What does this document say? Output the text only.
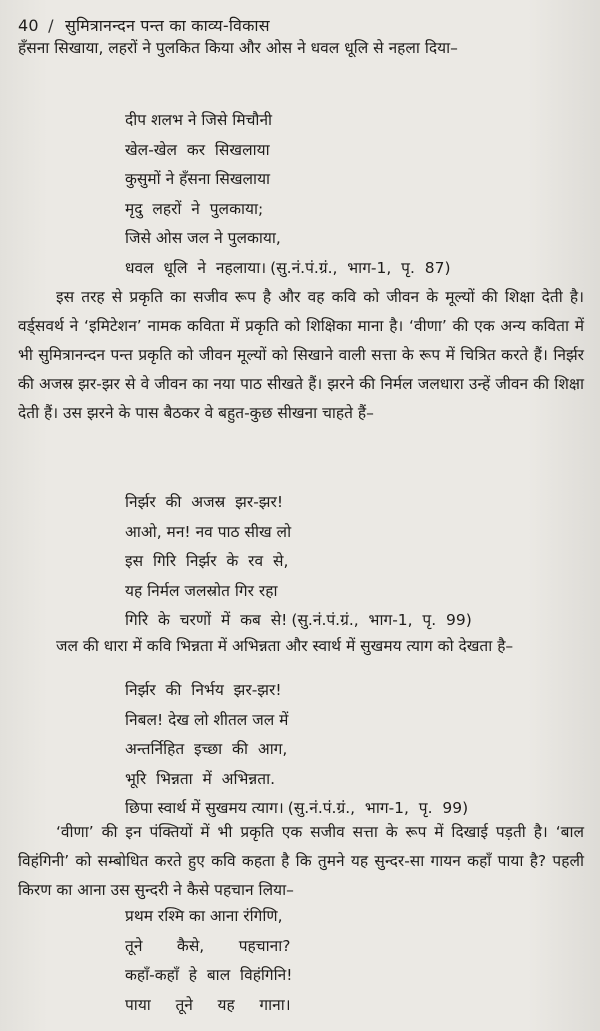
40 / सुमित्रानन्दन पन्त का काव्य-विकास

हँसना सिखाया, लहरों ने पुलकित किया और ओस ने धवल धूलि से नहला दिया–

दीप शलभ ने जिसे मिचौनी
खेल-खेल  कर  सिखलाया
कुसुमों ने हँसना सिखलाया
मृदु  लहरों  ने  पुलकाया;
जिसे ओस जल ने पुलकाया,
धवल  धूलि  ने  नहलाया। (सु.नं.पं.ग्रं.,  भाग-1,  पृ.  87)

इस तरह से प्रकृति का सजीव रूप है और वह कवि को जीवन के मूल्यों की शिक्षा देती है। वर्ड्सवर्थ ने ‘इमिटेशन’ नामक कविता में प्रकृति को शिक्षिका माना है। ‘वीणा’ की एक अन्य कविता में भी सुमित्रानन्दन पन्त प्रकृति को जीवन मूल्यों को सिखाने वाली सत्ता के रूप में चित्रित करते हैं। निर्झर की अजस्र झर-झर से वे जीवन का नया पाठ सीखते हैं। झरने की निर्मल जलधारा उन्हें जीवन की शिक्षा देती हैं। उस झरने के पास बैठकर वे बहुत-कुछ सीखना चाहते हैं–

निर्झर  की  अजस्र  झर-झर!
आओ, मन! नव पाठ सीख लो
इस  गिरि  निर्झर  के  रव  से,
यह निर्मल जलस्रोत गिर रहा
गिरि  के  चरणों  में  कब  से! (सु.नं.पं.ग्रं.,  भाग-1,  पृ.  99)

जल की धारा में कवि भिन्नता में अभिन्नता और स्वार्थ में सुखमय त्याग को देखता है–

निर्झर  की  निर्भय  झर-झर!
निबल! देख लो शीतल जल में
अन्तर्निहित  इच्छा  की  आग,
भूरि  भिन्नता  में  अभिन्नता.
छिपा स्वार्थ में सुखमय त्याग। (सु.नं.पं.ग्रं.,  भाग-1,  पृ.  99)

‘वीणा’ की इन पंक्तियों में भी प्रकृति एक सजीव सत्ता के रूप में दिखाई पड़ती है। ‘बाल विहंगिनी’ को सम्बोधित करते हुए कवि कहता है कि तुमने यह सुन्दर-सा गायन कहाँ पाया है? पहली किरण का आना उस सुन्दरी ने कैसे पहचान लिया–

प्रथम रश्मि का आना रंगिणि,
तूने       कैसे,       पहचाना?
कहाँ-कहाँ  हे  बाल  विहंगिनि!
पाया     तूने     यह     गाना।
